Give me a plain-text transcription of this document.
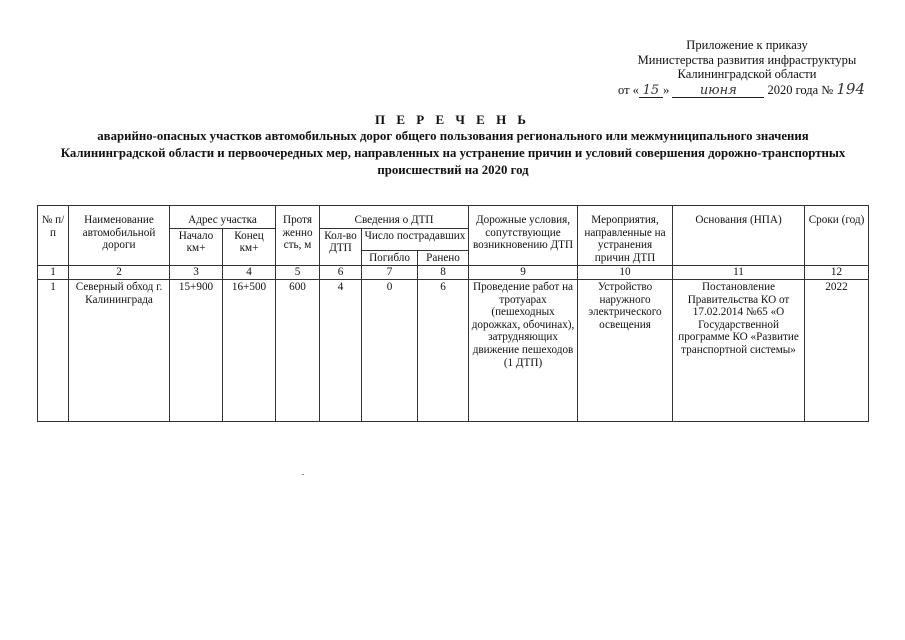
Приложение к приказу
Министерства развития инфраструктуры
Калининградской области
от « 15 » июня 2020 года № 194
П Е Р Е Ч Е Н Ь
аварийно-опасных участков автомобильных дорог общего пользования регионального или межмуниципального значения Калининградской области и первоочередных мер, направленных на устранение причин и условий совершения дорожно-транспортных происшествий на 2020 год
№ п/п	Наименование автомобильной дороги	Адрес участка		Протя женно сть, м	Сведения о ДТП			Дорожные условия, сопутствующие возникновению ДТП	Мероприятия, направленные на устранения причин ДТП	Основания (НПА)	Сроки (год)
		Начало км+	Конец км+		Кол-во ДТП	Число пострадавших					
						Погибло	Ранено				
1	2	3	4	5	6	7	8	9	10	11	12
1	Северный обход г. Калининграда	15+900	16+500	600	4	0	6	Проведение работ на тротуарах (пешеходных дорожках, обочинах), затрудняющих движение пешеходов (1 ДТП)	Устройство наружного электрического освещения	Постановление Правительства КО от 17.02.2014 №65 «О Государственной программе КО «Развитие транспортной системы»	2022
